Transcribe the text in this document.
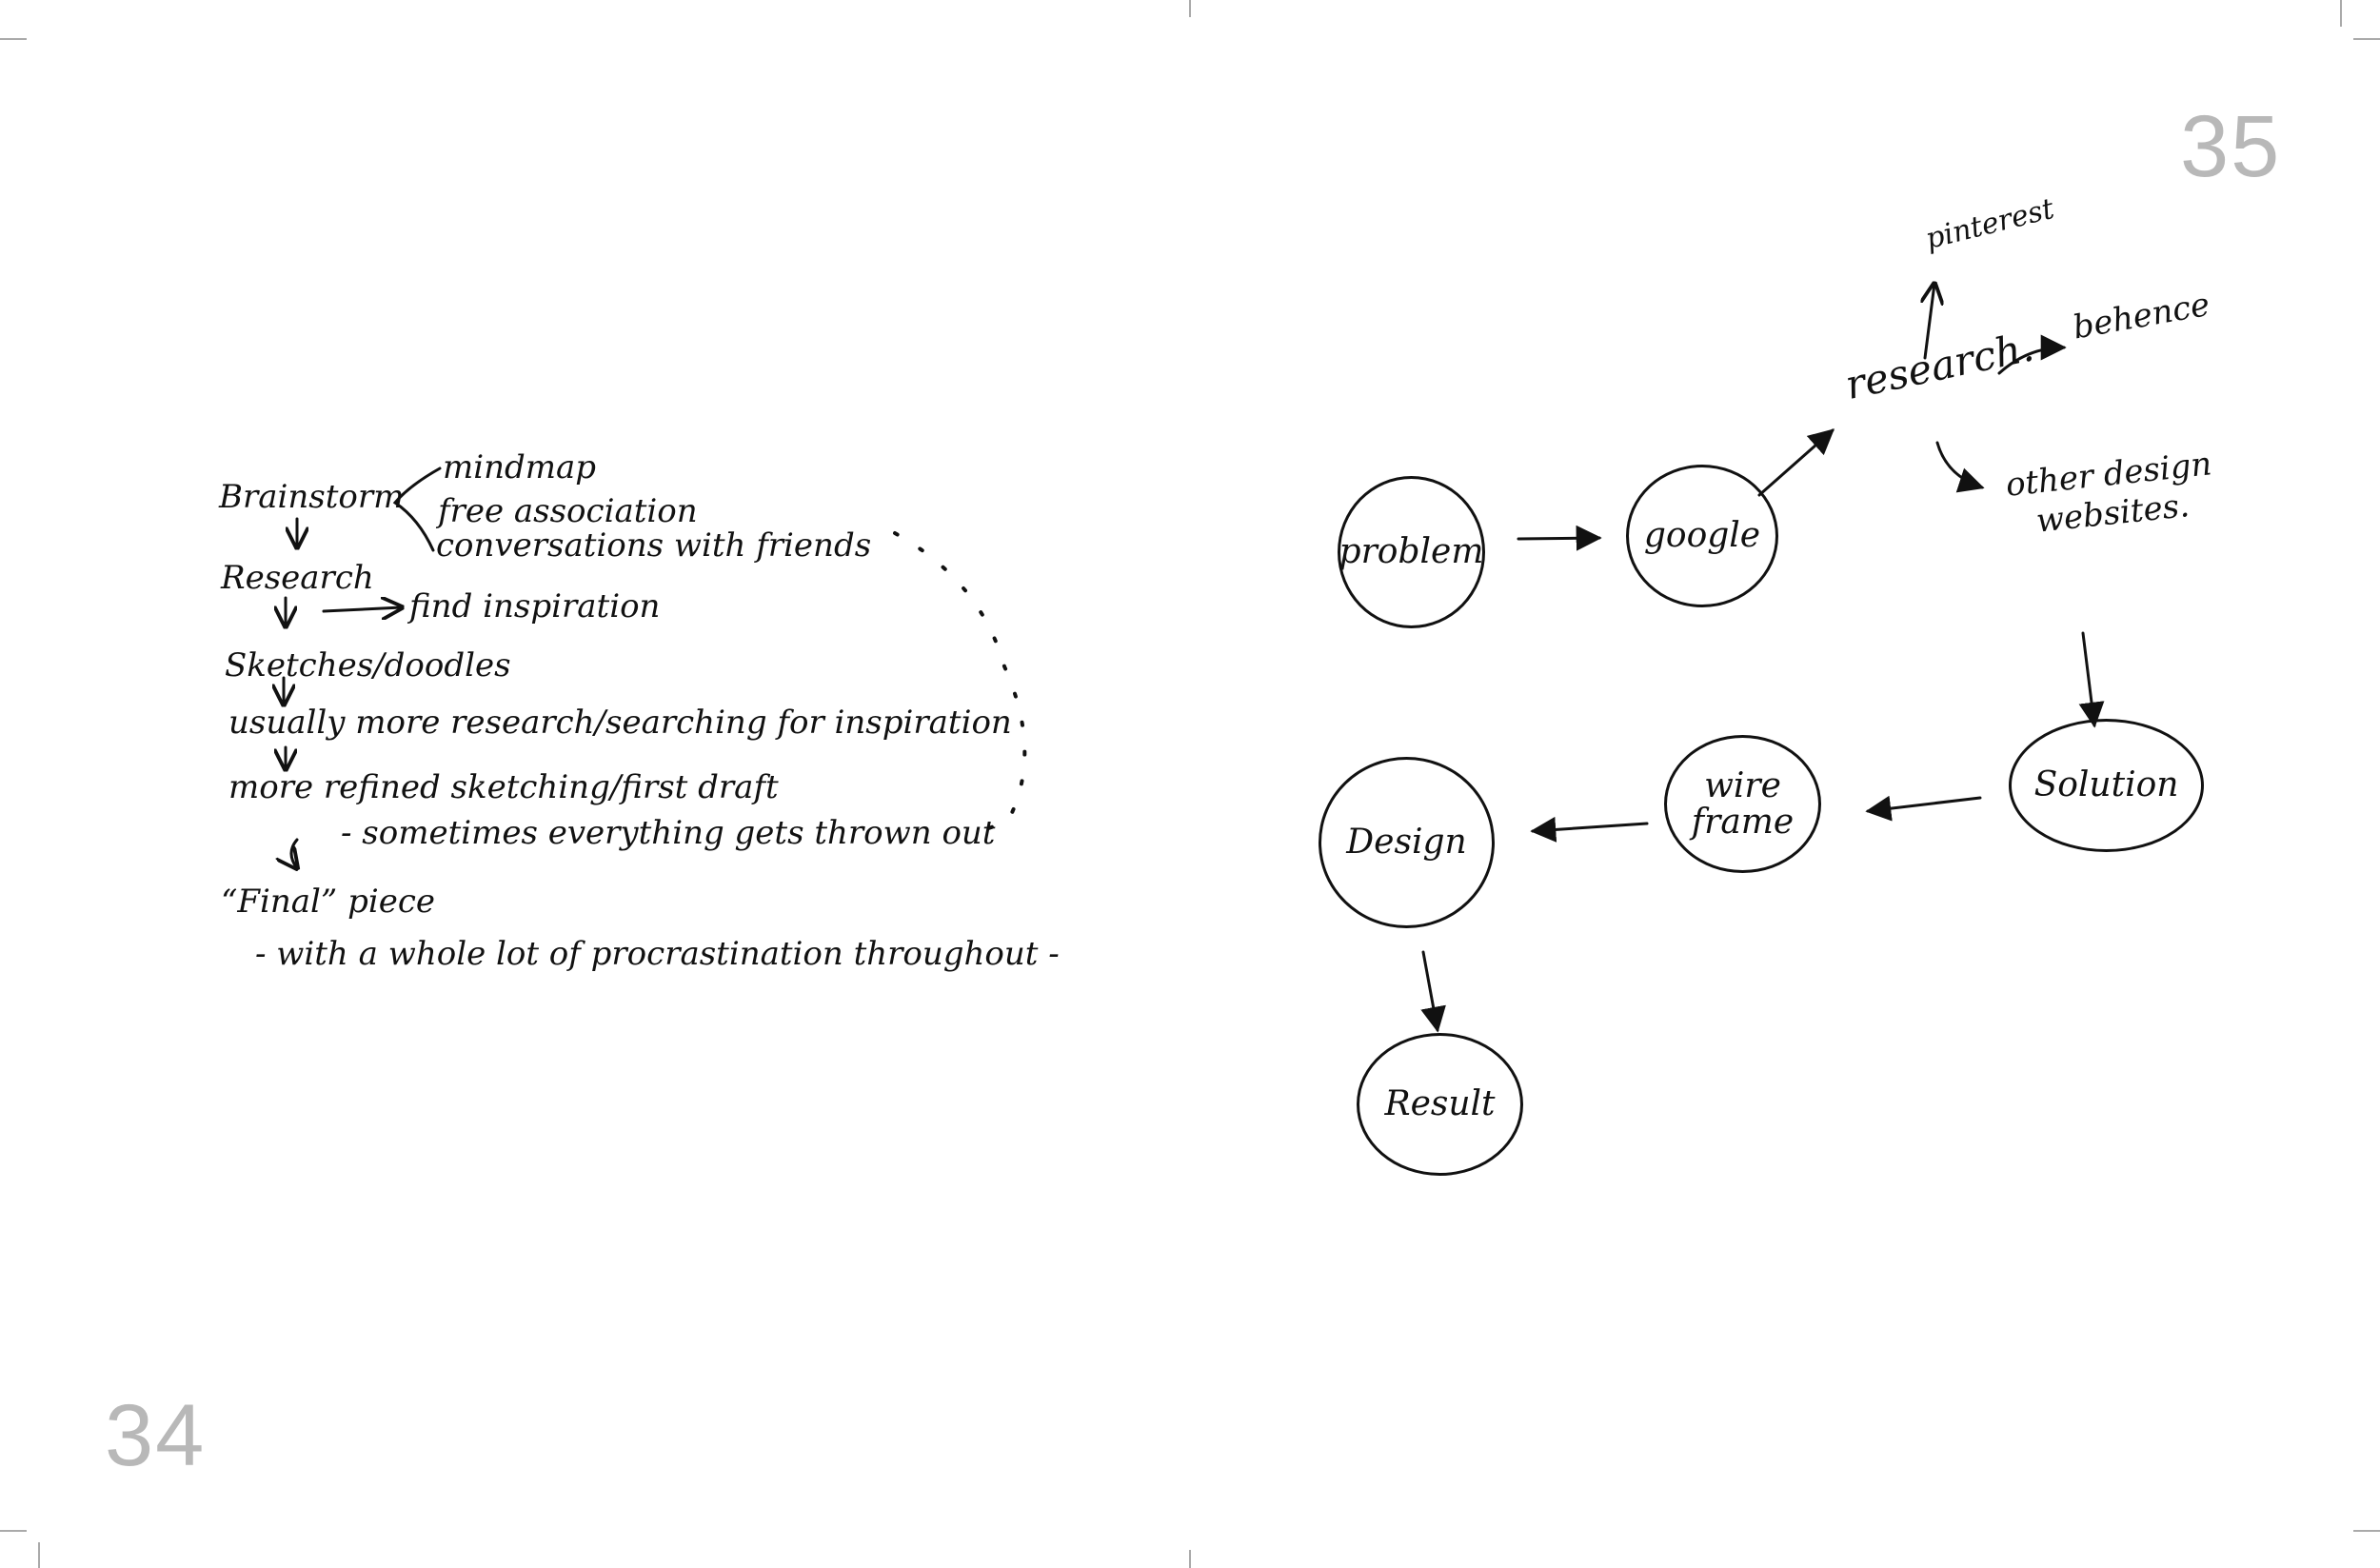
Brainstorm
mindmap
free association
conversations with friends
Research
find inspiration
Sketches/doodles
usually more research/searching for inspiration
more refined sketching/first draft
- sometimes everything gets thrown out
“Final” piece
- with a whole lot of procrastination throughout -
34
35
problem	google
Solution
wire
frame
Design
Result
research.
pinterest
behence
other design
websites.
